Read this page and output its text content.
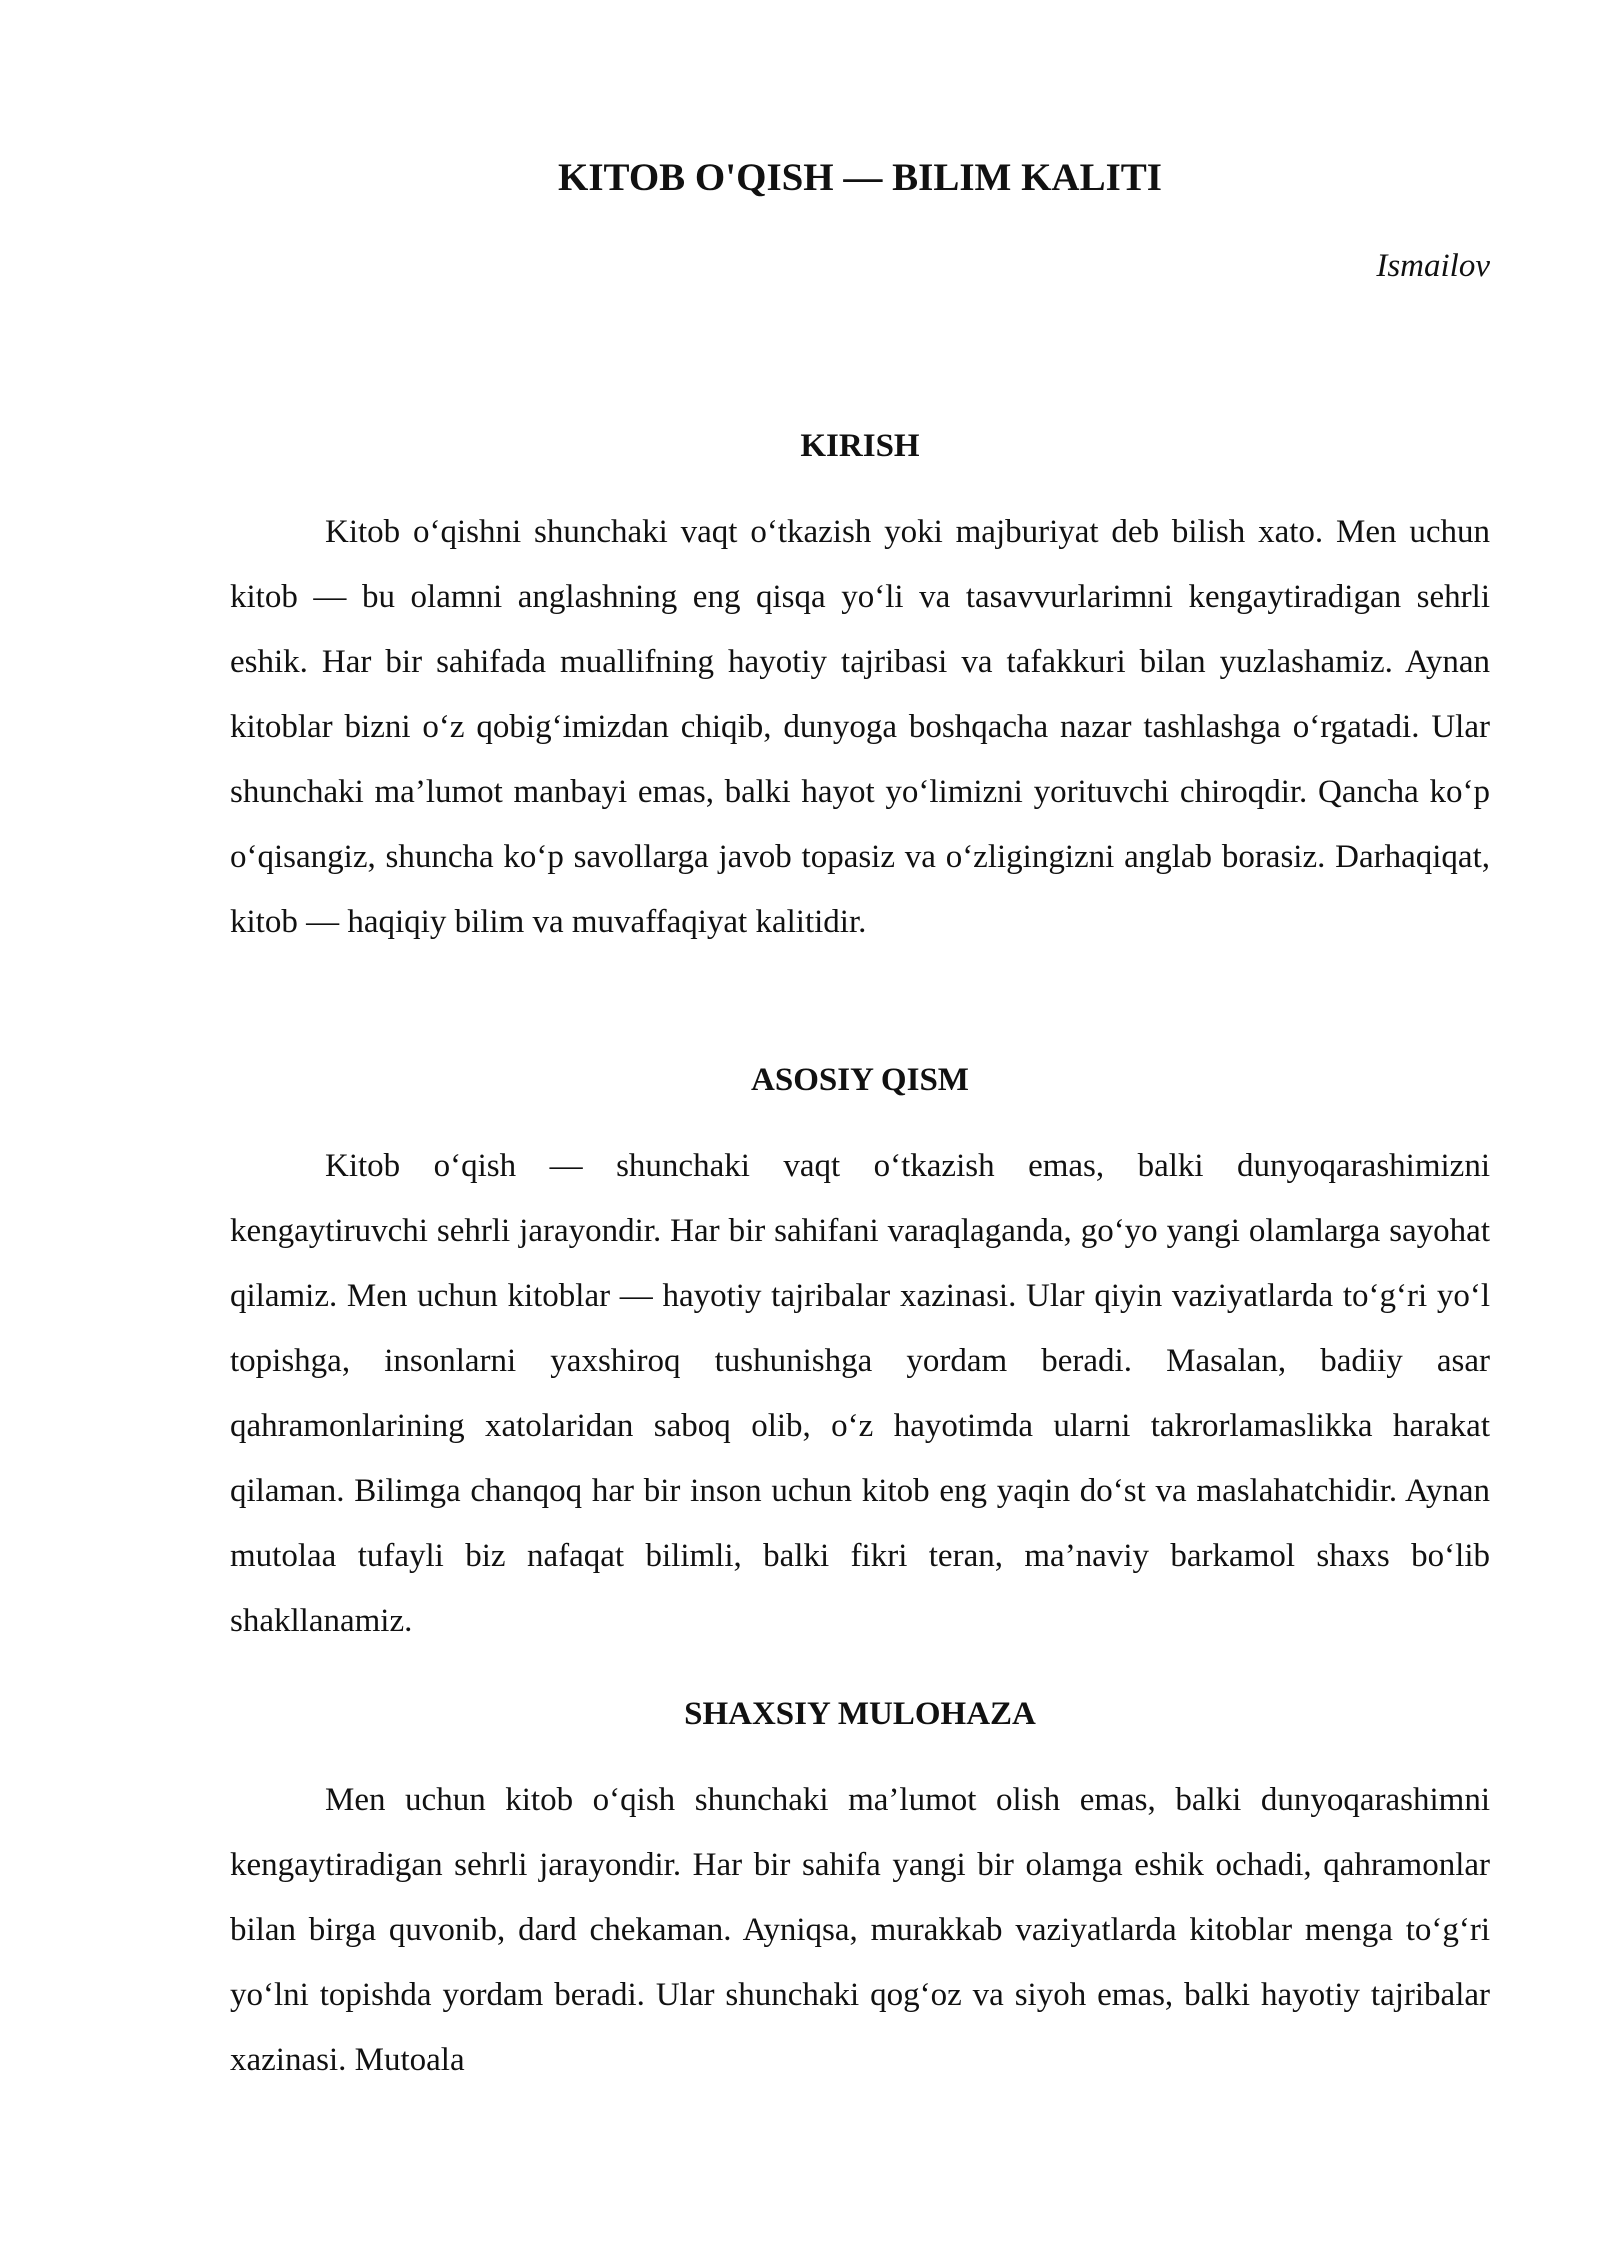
KITOB O'QISH — BILIM KALITI

Ismailov

KIRISH

Kitob o‘qishni shunchaki vaqt o‘tkazish yoki majburiyat deb bilish xato. Men uchun kitob — bu olamni anglashning eng qisqa yo‘li va tasavvurlarimni kengaytiradigan sehrli eshik. Har bir sahifada muallifning hayotiy tajribasi va tafakkuri bilan yuzlashamiz. Aynan kitoblar bizni o‘z qobig‘imizdan chiqib, dunyoga boshqacha nazar tashlashga o‘rgatadi. Ular shunchaki ma’lumot manbayi emas, balki hayot yo‘limizni yorituvchi chiroqdir. Qancha ko‘p o‘qisangiz, shuncha ko‘p savollarga javob topasiz va o‘zligingizni anglab borasiz. Darhaqiqat, kitob — haqiqiy bilim va muvaffaqiyat kalitidir.

ASOSIY QISM

Kitob o‘qish — shunchaki vaqt o‘tkazish emas, balki dunyoqarashimizni kengaytiruvchi sehrli jarayondir. Har bir sahifani varaqlaganda, go‘yo yangi olamlarga sayohat qilamiz. Men uchun kitoblar — hayotiy tajribalar xazinasi. Ular qiyin vaziyatlarda to‘g‘ri yo‘l topishga, insonlarni yaxshiroq tushunishga yordam beradi. Masalan, badiiy asar qahramonlarining xatolaridan saboq olib, o‘z hayotimda ularni takrorlamaslikka harakat qilaman. Bilimga chanqoq har bir inson uchun kitob eng yaqin do‘st va maslahatchidir. Aynan mutolaa tufayli biz nafaqat bilimli, balki fikri teran, ma’naviy barkamol shaxs bo‘lib shakllanamiz.

SHAXSIY MULOHAZA

Men uchun kitob o‘qish shunchaki ma’lumot olish emas, balki dunyoqarashimni kengaytiradigan sehrli jarayondir. Har bir sahifa yangi bir olamga eshik ochadi, qahramonlar bilan birga quvonib, dard chekaman. Ayniqsa, murakkab vaziyatlarda kitoblar menga to‘g‘ri yo‘lni topishda yordam beradi. Ular shunchaki qog‘oz va siyoh emas, balki hayotiy tajribalar xazinasi. Mutoala
